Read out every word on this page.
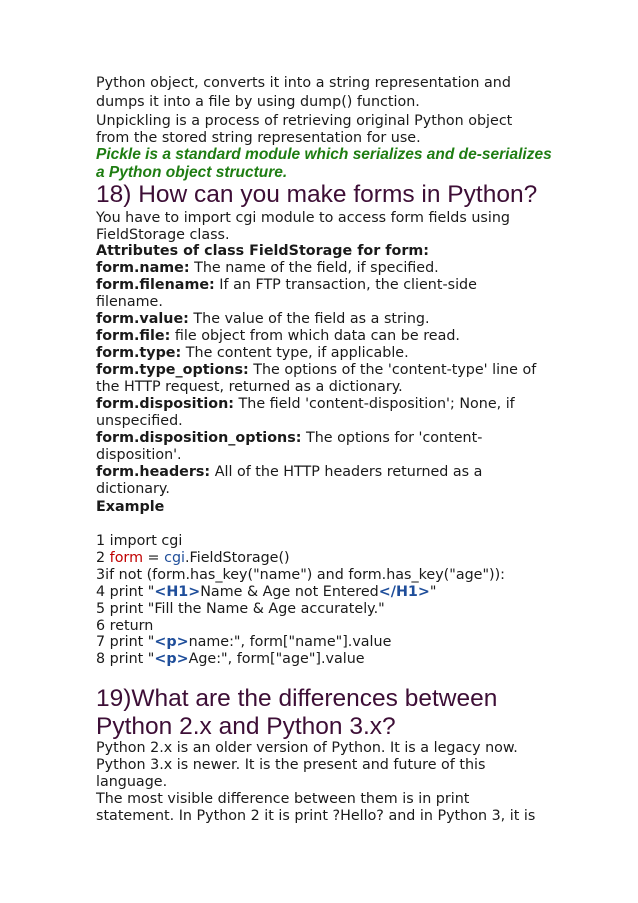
Python object, converts it into a string representation and
dumps it into a file by using dump() function.
Unpickling is a process of retrieving original Python object
from the stored string representation for use.
Pickle is a standard module which serializes and de-serializes
a Python object structure.
18) How can you make forms in Python?
You have to import cgi module to access form fields using
FieldStorage class.
Attributes of class FieldStorage for form:
form.name: The name of the field, if specified.
form.filename: If an FTP transaction, the client-side
filename.
form.value: The value of the field as a string.
form.file: file object from which data can be read.
form.type: The content type, if applicable.
form.type_options: The options of the 'content-type' line of
the HTTP request, returned as a dictionary.
form.disposition: The field 'content-disposition'; None, if
unspecified.
form.disposition_options: The options for 'content-
disposition'.
form.headers: All of the HTTP headers returned as a
dictionary.
Example
1 import cgi
2 form = cgi.FieldStorage()
3if not (form.has_key("name") and form.has_key("age")):
4 print "<H1>Name & Age not Entered</H1>"
5 print "Fill the Name & Age accurately."
6 return
7 print "<p>name:", form["name"].value
8 print "<p>Age:", form["age"].value
19)What are the differences between
Python 2.x and Python 3.x?
Python 2.x is an older version of Python. It is a legacy now.
Python 3.x is newer. It is the present and future of this
language.
The most visible difference between them is in print
statement. In Python 2 it is print ?Hello? and in Python 3, it is
